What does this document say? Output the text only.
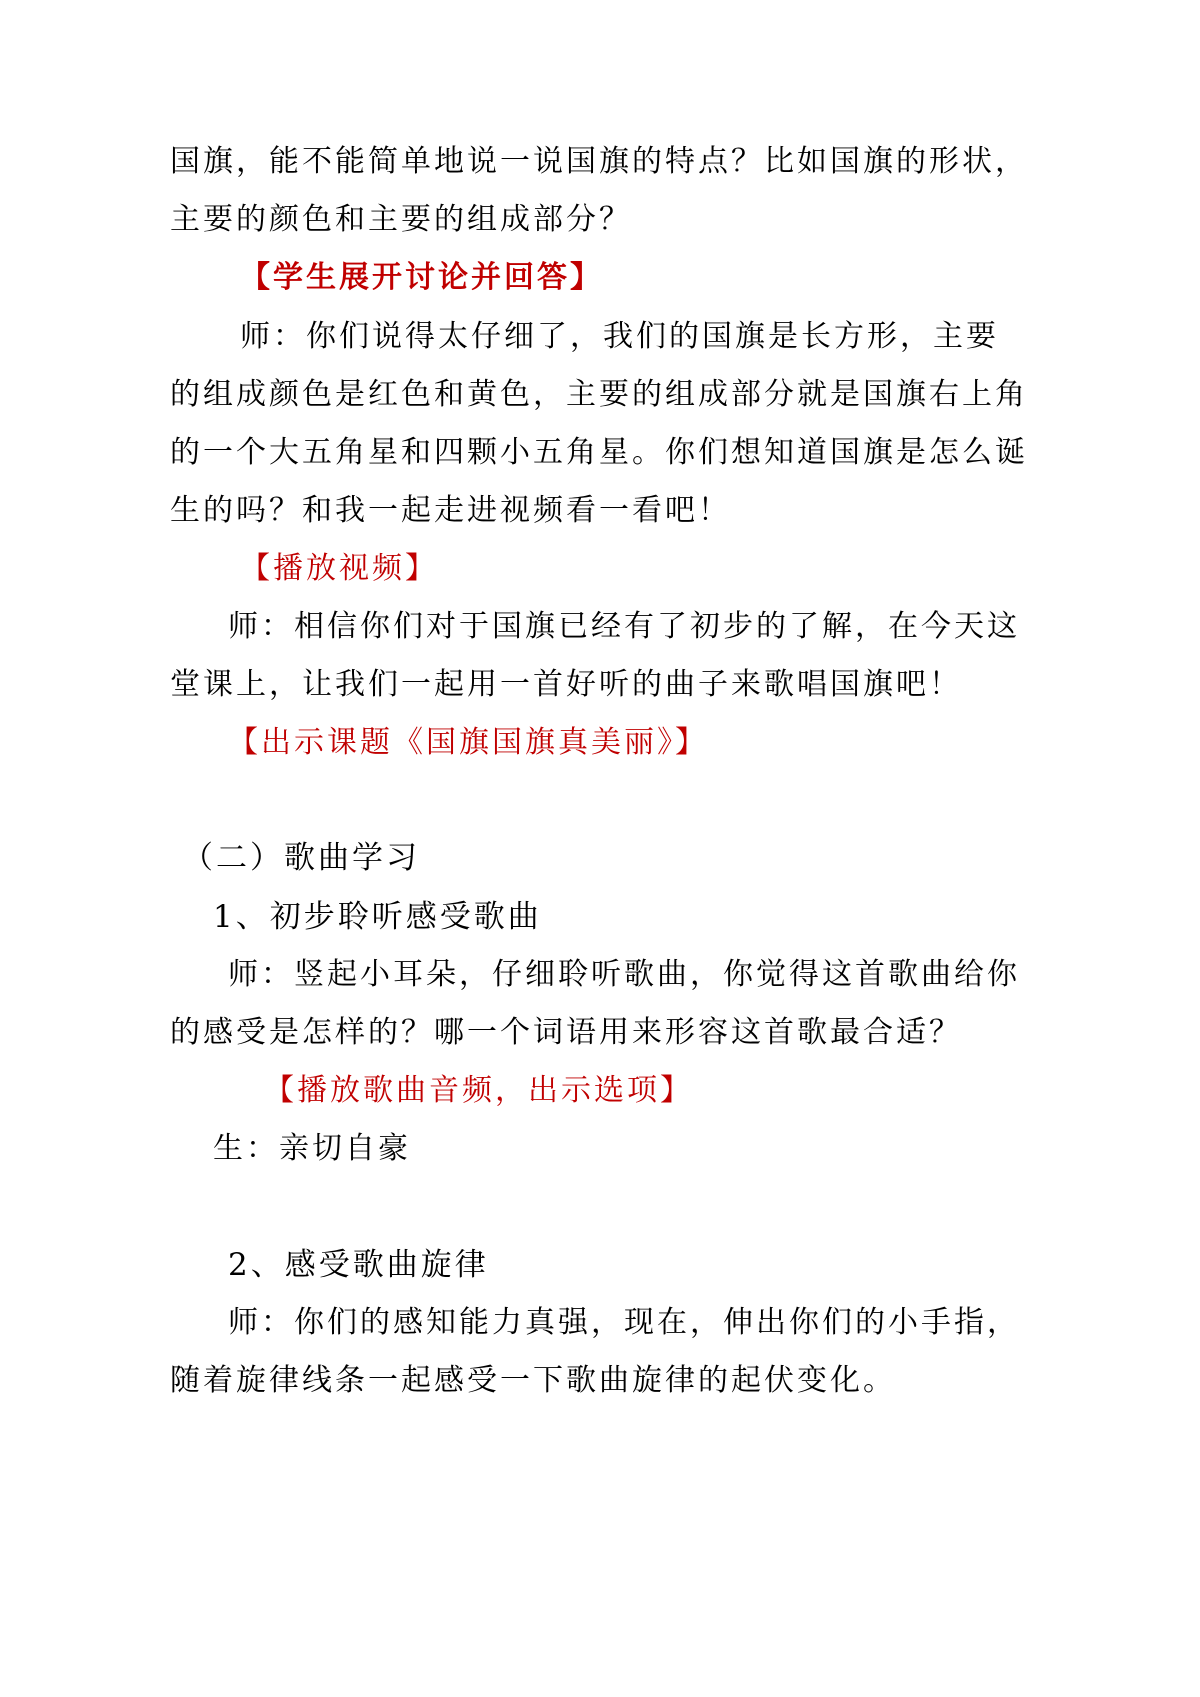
国旗，能不能简单地说一说国旗的特点？比如国旗的形状，
主要的颜色和主要的组成部分？
【学生展开讨论并回答】
师：你们说得太仔细了，我们的国旗是长方形，主要
的组成颜色是红色和黄色，主要的组成部分就是国旗右上角
的一个大五角星和四颗小五角星。你们想知道国旗是怎么诞
生的吗？和我一起走进视频看一看吧！
【播放视频】
师：相信你们对于国旗已经有了初步的了解，在今天这
堂课上，让我们一起用一首好听的曲子来歌唱国旗吧！
【出示课题《国旗国旗真美丽》】
（二）歌曲学习
1、初步聆听感受歌曲
师：竖起小耳朵，仔细聆听歌曲，你觉得这首歌曲给你
的感受是怎样的？哪一个词语用来形容这首歌最合适？
【播放歌曲音频，出示选项】
生：亲切自豪
2、感受歌曲旋律
师：你们的感知能力真强，现在，伸出你们的小手指，
随着旋律线条一起感受一下歌曲旋律的起伏变化。
